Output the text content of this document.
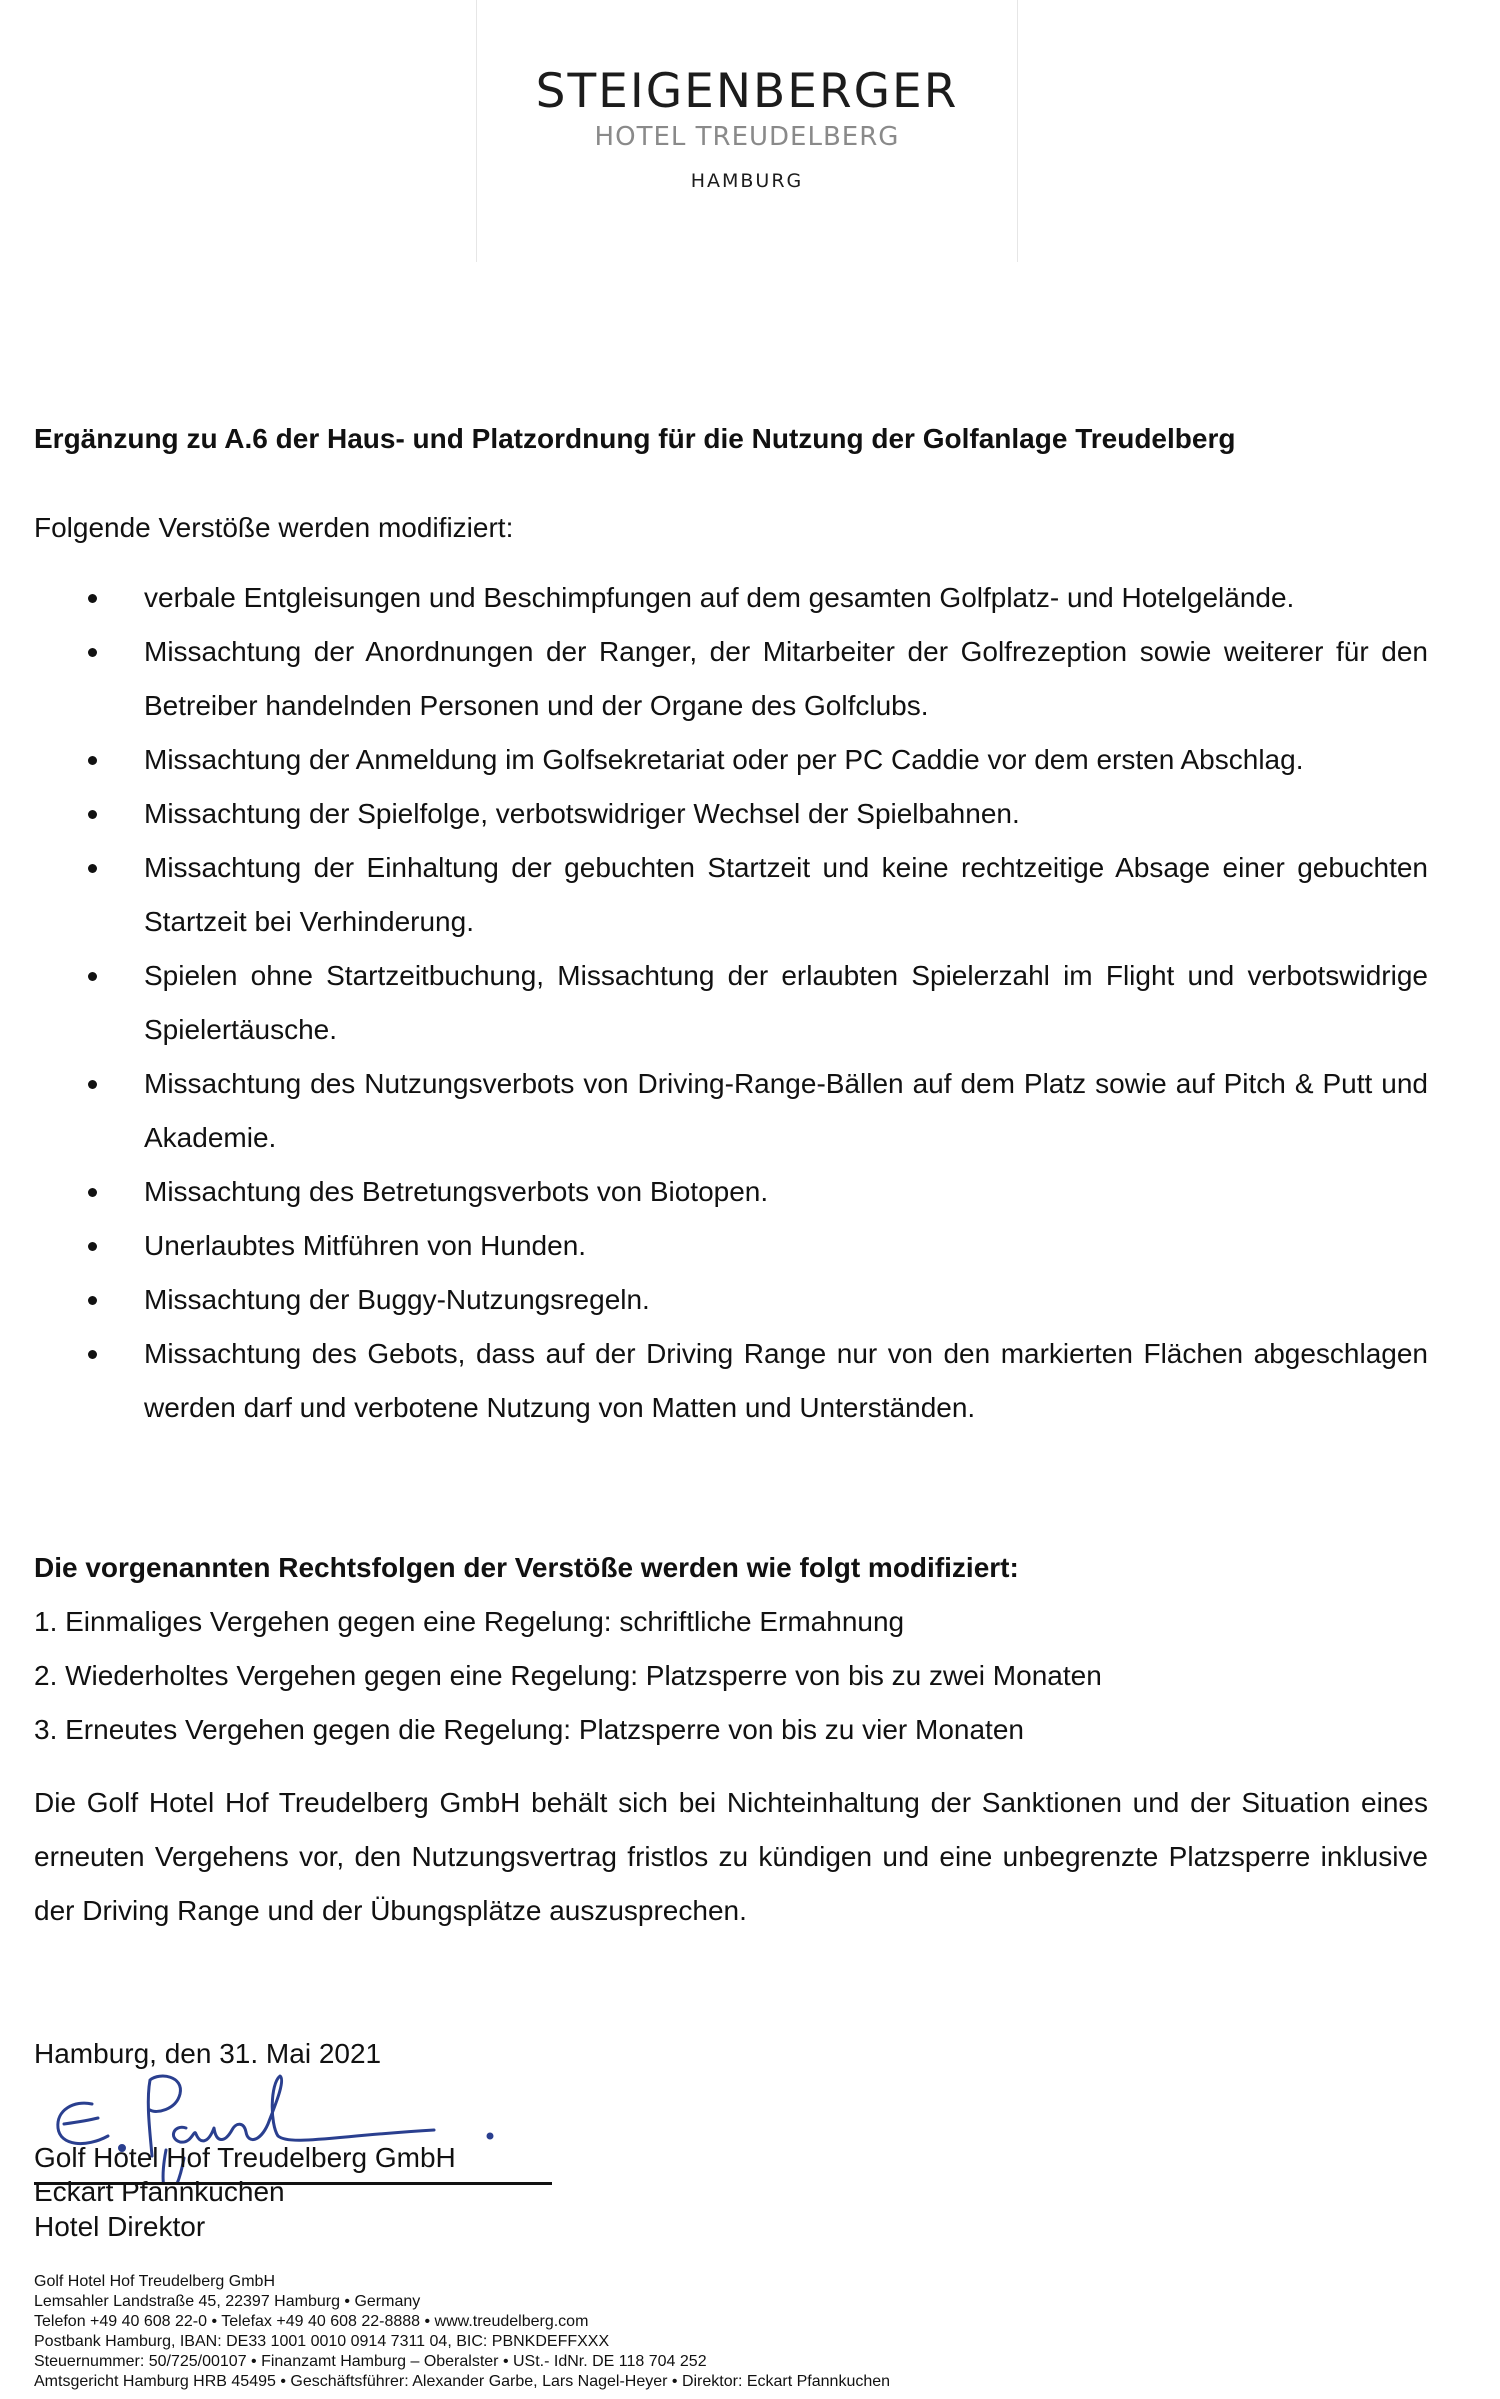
STEIGENBERGER
HOTEL TREUDELBERG
HAMBURG
Ergänzung zu A.6 der Haus- und Platzordnung für die Nutzung der Golfanlage Treudelberg
Folgende Verstöße werden modifiziert:
verbale Entgleisungen und Beschimpfungen auf dem gesamten Golfplatz- und Hotelgelände.
Missachtung der Anordnungen der Ranger, der Mitarbeiter der Golfrezeption sowie weiterer für den Betreiber handelnden Personen und der Organe des Golfclubs.
Missachtung der Anmeldung im Golfsekretariat oder per PC Caddie vor dem ersten Abschlag.
Missachtung der Spielfolge, verbotswidriger Wechsel der Spielbahnen.
Missachtung der Einhaltung der gebuchten Startzeit und keine rechtzeitige Absage einer gebuchten Startzeit bei Verhinderung.
Spielen ohne Startzeitbuchung, Missachtung der erlaubten Spielerzahl im Flight und verbotswidrige Spielertäusche.
Missachtung des Nutzungsverbots von Driving-Range-Bällen auf dem Platz sowie auf Pitch & Putt und Akademie.
Missachtung des Betretungsverbots von Biotopen.
Unerlaubtes Mitführen von Hunden.
Missachtung der Buggy-Nutzungsregeln.
Missachtung des Gebots, dass auf der Driving Range nur von den markierten Flächen abgeschlagen werden darf und verbotene Nutzung von Matten und Unterständen.
Die vorgenannten Rechtsfolgen der Verstöße werden wie folgt modifiziert:
1. Einmaliges Vergehen gegen eine Regelung: schriftliche Ermahnung
2. Wiederholtes Vergehen gegen eine Regelung: Platzsperre von bis zu zwei Monaten
3. Erneutes Vergehen gegen die Regelung: Platzsperre von bis zu vier Monaten
Die Golf Hotel Hof Treudelberg GmbH behält sich bei Nichteinhaltung der Sanktionen und der Situation eines erneuten Vergehens vor, den Nutzungsvertrag fristlos zu kündigen und eine unbegrenzte Platzsperre inklusive der Driving Range und der Übungsplätze auszusprechen.
Hamburg, den 31. Mai 2021
Golf Hotel Hof Treudelberg GmbH
Eckart Pfannkuchen
Hotel Direktor
Golf Hotel Hof Treudelberg GmbH
Lemsahler Landstraße 45, 22397 Hamburg • Germany
Telefon +49 40 608 22-0 • Telefax +49 40 608 22-8888 • www.treudelberg.com
Postbank Hamburg, IBAN: DE33 1001 0010 0914 7311 04, BIC: PBNKDEFFXXX
Steuernummer: 50/725/00107 • Finanzamt Hamburg – Oberalster • USt.- IdNr. DE 118 704 252
Amtsgericht Hamburg HRB 45495 • Geschäftsführer: Alexander Garbe, Lars Nagel-Heyer • Direktor: Eckart Pfannkuchen
